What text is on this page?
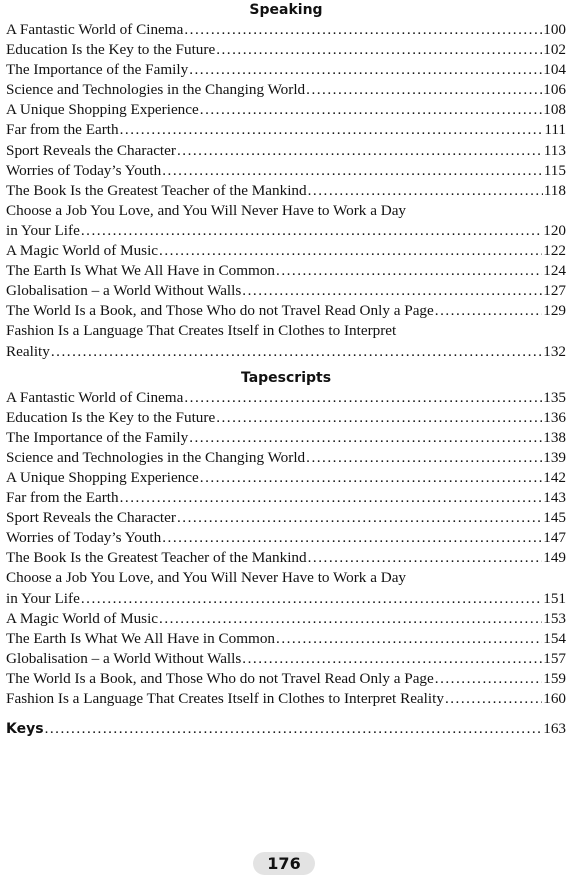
Speaking
A Fantastic World of Cinema .....	100
Education Is the Key to the Future .....	102
The Importance of the Family .....	104
Science and Technologies in the Changing World .....	106
A Unique Shopping Experience .....	108
Far from the Earth .....	111
Sport Reveals the Character .....	113
Worries of Today’s Youth .....	115
The Book Is the Greatest Teacher of the Mankind .....	118
Choose a Job You Love, and You Will Never Have to Work a Day
in Your Life .....	120
A Magic World of Music .....	122
The Earth Is What We All Have in Common .....	124
Globalisation – a World Without Walls .....	127
The World Is a Book, and Those Who do not Travel Read Only a Page .....	129
Fashion Is a Language That Creates Itself in Clothes to Interpret
Reality .....	132
Tapescripts
A Fantastic World of Cinema .....	135
Education Is the Key to the Future .....	136
The Importance of the Family .....	138
Science and Technologies in the Changing World .....	139
A Unique Shopping Experience .....	142
Far from the Earth .....	143
Sport Reveals the Character .....	145
Worries of Today’s Youth .....	147
The Book Is the Greatest Teacher of the Mankind .....	149
Choose a Job You Love, and You Will Never Have to Work a Day
in Your Life .....	151
A Magic World of Music .....	153
The Earth Is What We All Have in Common .....	154
Globalisation – a World Without Walls .....	157
The World Is a Book, and Those Who do not Travel Read Only a Page .....	159
Fashion Is a Language That Creates Itself in Clothes to Interpret Reality .....	160
Keys .....	163
176
